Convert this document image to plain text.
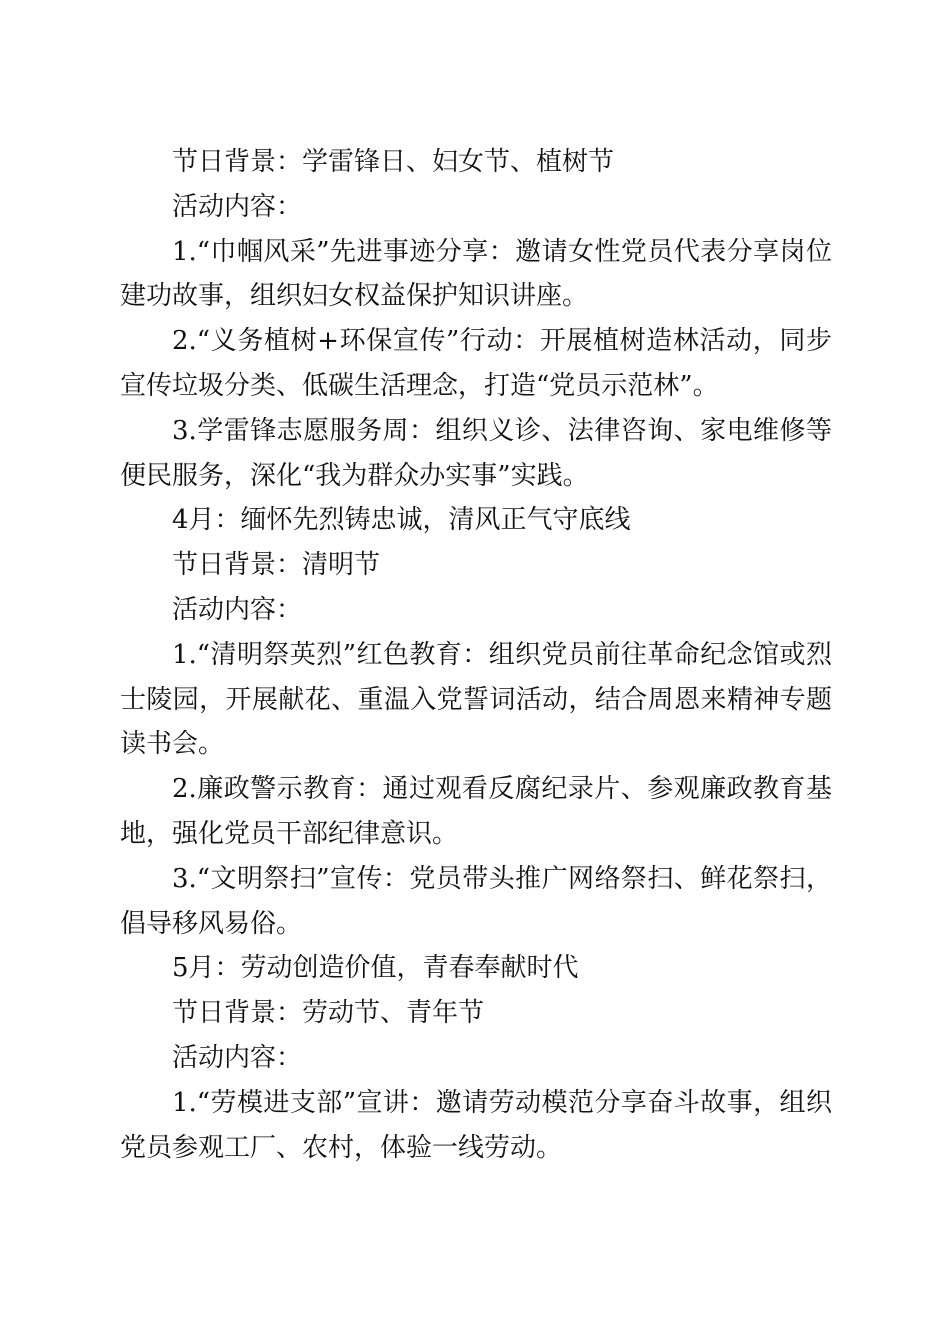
节日背景：学雷锋日、妇女节、植树节

活动内容：

1.“巾帼风采”先进事迹分享：邀请女性党员代表分享岗位建功故事，组织妇女权益保护知识讲座。

2.“义务植树+环保宣传”行动：开展植树造林活动，同步宣传垃圾分类、低碳生活理念，打造“党员示范林”。

3.学雷锋志愿服务周：组织义诊、法律咨询、家电维修等便民服务，深化“我为群众办实事”实践。

4月：缅怀先烈铸忠诚，清风正气守底线

节日背景：清明节

活动内容：

1.“清明祭英烈”红色教育：组织党员前往革命纪念馆或烈士陵园，开展献花、重温入党誓词活动，结合周恩来精神专题读书会。

2.廉政警示教育：通过观看反腐纪录片、参观廉政教育基地，强化党员干部纪律意识。

3.“文明祭扫”宣传：党员带头推广网络祭扫、鲜花祭扫，倡导移风易俗。

5月：劳动创造价值，青春奉献时代

节日背景：劳动节、青年节

活动内容：

1.“劳模进支部”宣讲：邀请劳动模范分享奋斗故事，组织党员参观工厂、农村，体验一线劳动。
